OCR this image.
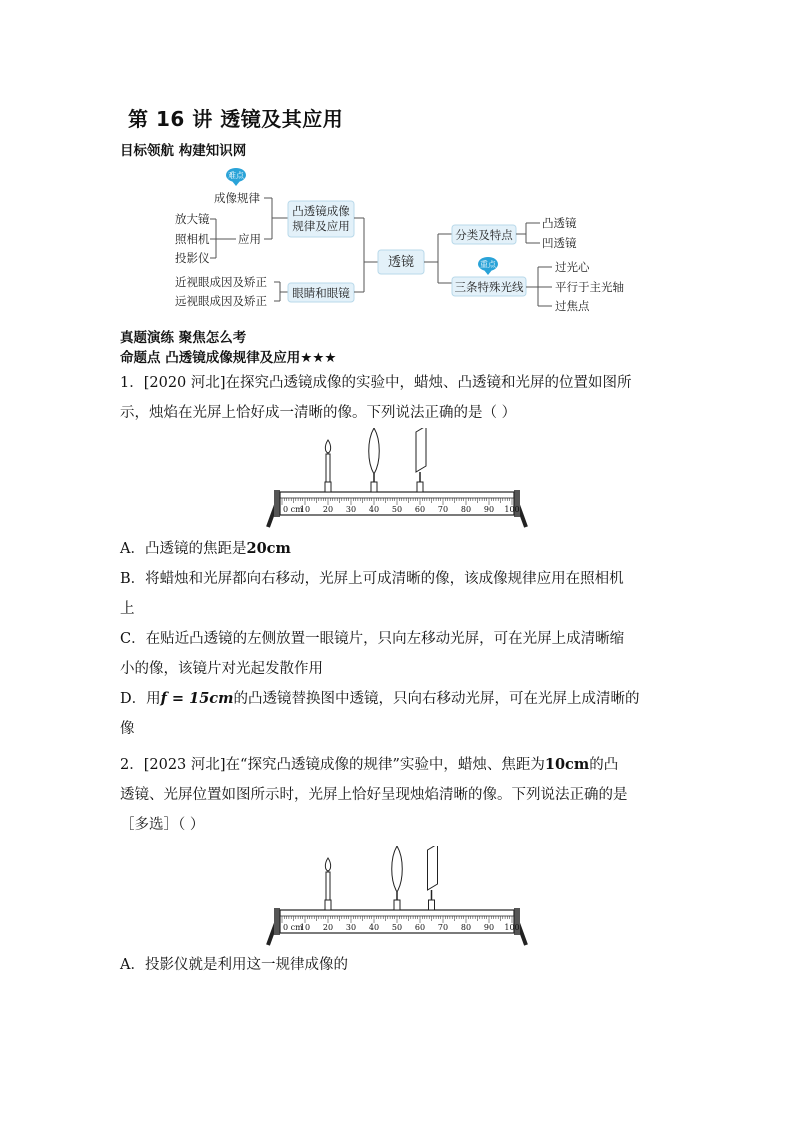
第 16 讲 透镜及其应用
目标领航 构建知识网
难点
成像规律
放大镜
照相机
投影仪
应用
凸透镜成像
规律及应用
近视眼成因及矫正
远视眼成因及矫正
眼睛和眼镜
透镜
分类及特点
凸透镜
凹透镜
重点
三条特殊光线
过光心
平行于主光轴
过焦点
真题演练 聚焦怎么考
命题点 凸透镜成像规律及应用★★★
1．[2020 河北]在探究凸透镜成像的实验中，蜡烛、凸透镜和光屏的位置如图所
示，烛焰在光屏上恰好成一清晰的像。下列说法正确的是（ ）
0 cm
10 20 30 40 50 60 70 80 90 100
A．凸透镜的焦距是20cm
B．将蜡烛和光屏都向右移动，光屏上可成清晰的像，该成像规律应用在照相机
上
C．在贴近凸透镜的左侧放置一眼镜片，只向左移动光屏，可在光屏上成清晰缩
小的像，该镜片对光起发散作用
D．用f = 15cm的凸透镜替换图中透镜，只向右移动光屏，可在光屏上成清晰的
像
2．[2023 河北]在“探究凸透镜成像的规律”实验中，蜡烛、焦距为10cm的凸
透镜、光屏位置如图所示时，光屏上恰好呈现烛焰清晰的像。下列说法正确的是
［多选］（ ）
0 cm
10 20 30 40 50 60 70 80 90 100
A．投影仪就是利用这一规律成像的
